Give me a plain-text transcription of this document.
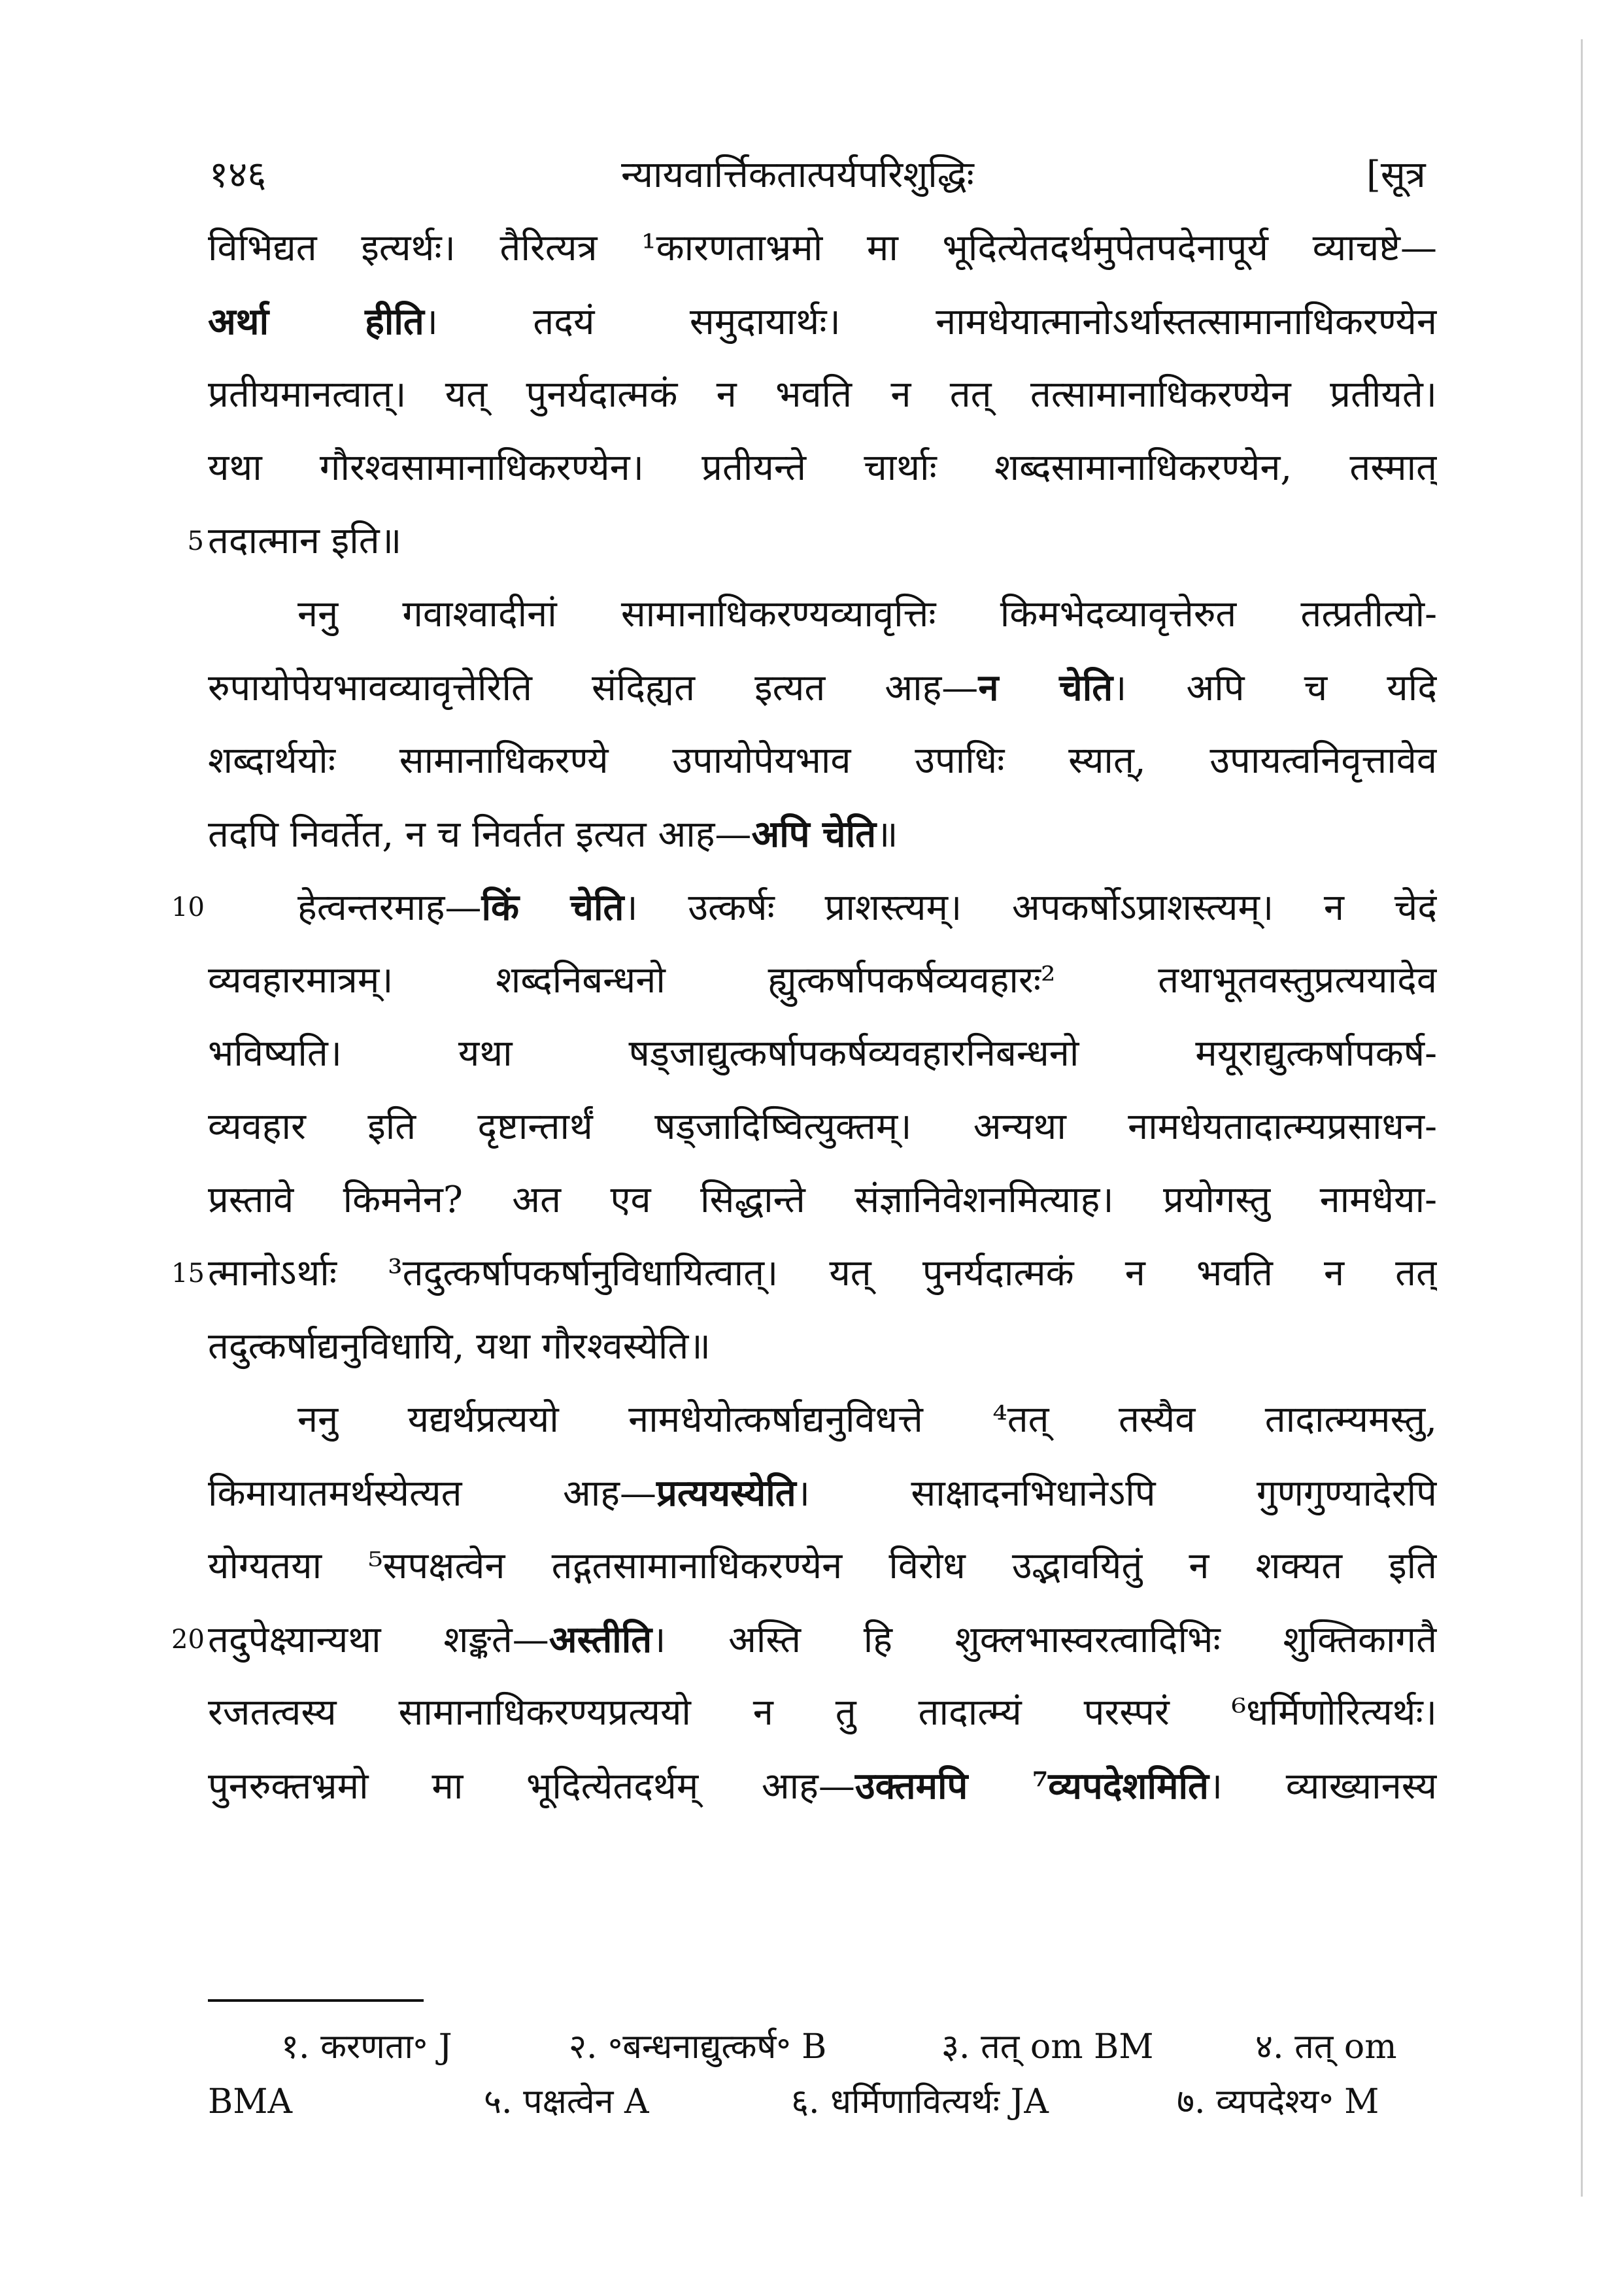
१४६	न्यायवार्त्तिकतात्पर्यपरिशुद्धिः	[सूत्र
विभिद्यत इत्यर्थः। तैरित्यत्र ¹कारणताभ्रमो मा भूदित्येतदर्थमुपेतपदेनापूर्य व्याचष्टे—
अर्था हीति। तदयं समुदायार्थः। नामधेयात्मानोऽर्थास्तत्सामानाधिकरण्येन
प्रतीयमानत्वात्। यत् पुनर्यदात्मकं न भवति न तत् तत्सामानाधिकरण्येन प्रतीयते।
यथा गौरश्वसामानाधिकरण्येन। प्रतीयन्ते चार्थाः शब्दसामानाधिकरण्येन, तस्मात्
5 तदात्मान इति॥
ननु गवाश्वादीनां सामानाधिकरण्यव्यावृत्तिः किमभेदव्यावृत्तेरुत तत्प्रतीत्यो-
रुपायोपेयभावव्यावृत्तेरिति संदिह्यत इत्यत आह—न चेति। अपि च यदि
शब्दार्थयोः सामानाधिकरण्ये उपायोपेयभाव उपाधिः स्यात्, उपायत्वनिवृत्तावेव
तदपि निवर्तेत, न च निवर्तत इत्यत आह—अपि चेति॥
10	हेत्वन्तरमाह—किं चेति। उत्कर्षः प्राशस्त्यम्। अपकर्षोऽप्राशस्त्यम्। न चेदं
व्यवहारमात्रम्। शब्दनिबन्धनो ह्युत्कर्षापकर्षव्यवहारः² तथाभूतवस्तुप्रत्ययादेव
भविष्यति। यथा षड्जाद्युत्कर्षापकर्षव्यवहारनिबन्धनो मयूराद्युत्कर्षापकर्ष-
व्यवहार इति दृष्टान्तार्थं षड्जादिष्वित्युक्तम्। अन्यथा नामधेयतादात्म्यप्रसाधन-
प्रस्तावे किमनेन? अत एव सिद्धान्ते संज्ञानिवेशनमित्याह। प्रयोगस्तु नामधेया-
15 त्मानोऽर्थाः ³तदुत्कर्षापकर्षानुविधायित्वात्। यत् पुनर्यदात्मकं न भवति न तत्
तदुत्कर्षाद्यनुविधायि, यथा गौरश्वस्येति॥
ननु यद्यर्थप्रत्ययो नामधेयोत्कर्षाद्यनुविधत्ते ⁴तत् तस्यैव तादात्म्यमस्तु,
किमायातमर्थस्येत्यत आह—प्रत्ययस्येति। साक्षादनभिधानेऽपि गुणगुण्यादेरपि
योग्यतया ⁵सपक्षत्वेन तद्गतसामानाधिकरण्येन विरोध उद्भावयितुं न शक्यत इति
20 तदुपेक्ष्यान्यथा शङ्कते—अस्तीति। अस्ति हि शुक्लभास्वरत्वादिभिः शुक्तिकागतै
रजतत्वस्य सामानाधिकरण्यप्रत्ययो न तु तादात्म्यं परस्परं ⁶धर्मिणोरित्यर्थः।
पुनरुक्तभ्रमो मा भूदित्येतदर्थम् आह—उक्तमपि ⁷व्यपदेशमिति। व्याख्यानस्य
१. करणता॰ J	२. ॰बन्धनाद्युत्कर्ष॰ B	३. तत् om BM	४. तत् om
BMA	५. पक्षत्वेन A	६. धर्मिणावित्यर्थः JA	७. व्यपदेश्य॰ M
